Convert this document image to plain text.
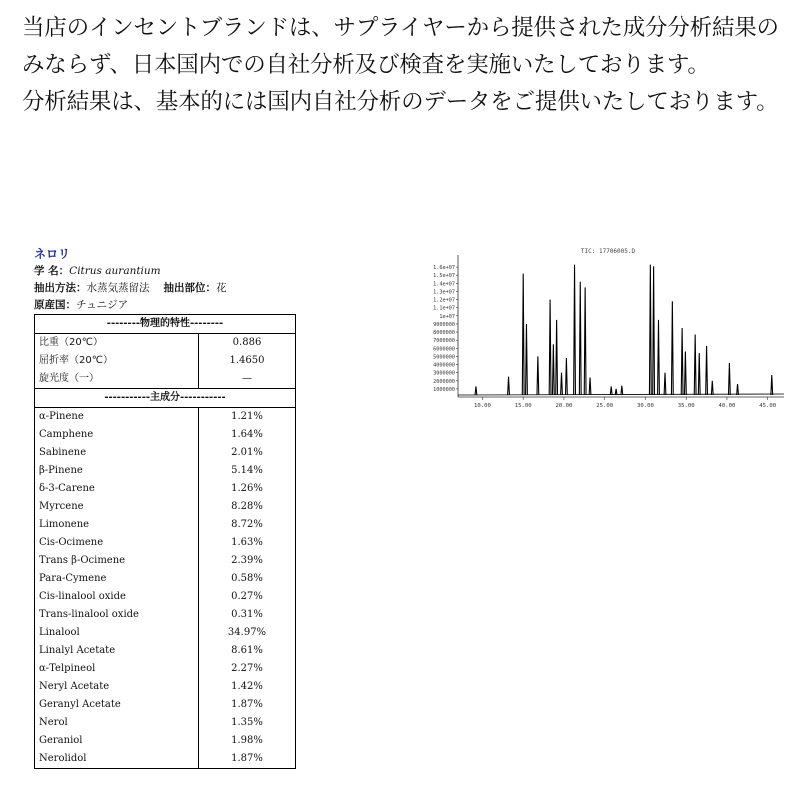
当店のインセントブランドは、サプライヤーから提供された成分分析結果のみならず、日本国内での自社分析及び検査を実施いたしております。

分析結果は、基本的には国内自社分析のデータをご提供いたしております。

ネロリ
学 名：Citrus aurantium
抽出方法：水蒸気蒸留法 抽出部位：花
原産国：チュニジア
--------物理的特性--------
比重（20℃）	0.886
屈折率（20℃）	1.4650
旋光度（一）	—
-----------主成分-----------
α-Pinene	1.21%
Camphene	1.64%
Sabinene	2.01%
β-Pinene	5.14%
δ-3-Carene	1.26%
Myrcene	8.28%
Limonene	8.72%
Cis-Ocimene	1.63%
Trans β-Ocimene	2.39%
Para-Cymene	0.58%
Cis-linalool oxide	0.27%
Trans-linalool oxide	0.31%
Linalool	34.97%
Linalyl Acetate	8.61%
α-Telpineol	2.27%
Neryl Acetate	1.42%
Geranyl Acetate	1.87%
Nerol	1.35%
Geraniol	1.98%
Nerolidol	1.87%
TIC: 17706005.D
1.6e+07
1.5e+07
1.4e+07
1.3e+07
1.2e+07
1.1e+07
1e+07
9000000
8000000
7000000
6000000
5000000
4000000
3000000
2000000
1000000
10.00	15.00	20.00	25.00	30.00	35.00	40.00	45.00
